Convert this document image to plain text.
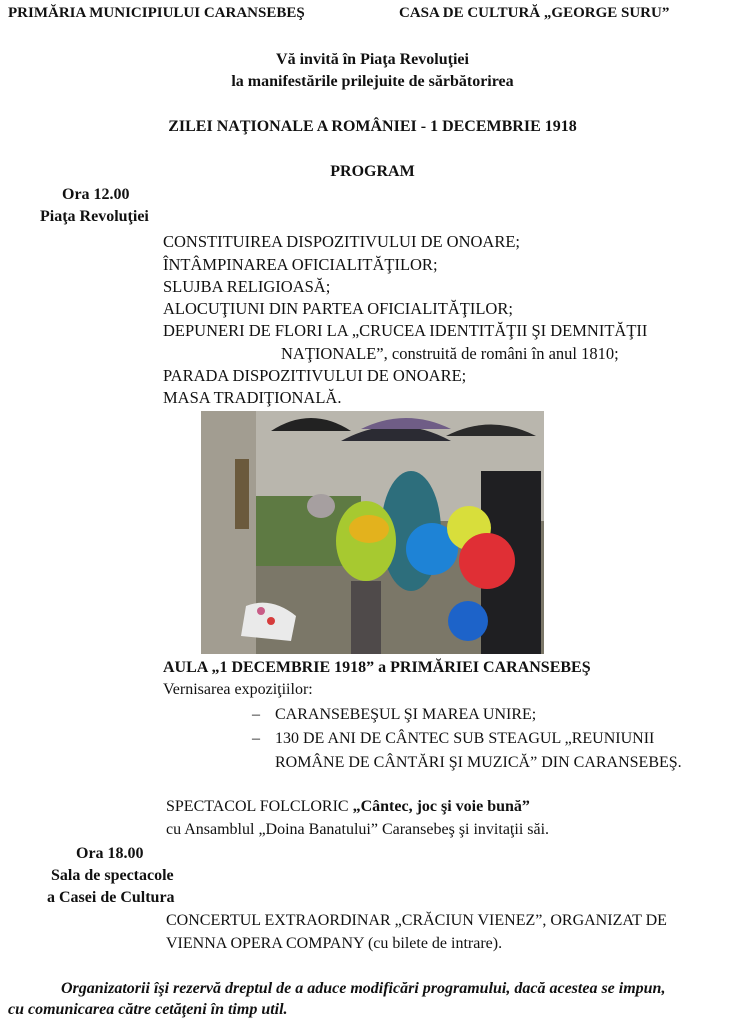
PRIMĂRIA MUNICIPIULUI CARANSEBEŞ	CASA DE CULTURĂ „GEORGE SURU”
Vă invită în Piaţa Revoluţiei
la manifestările prilejuite de sărbătorirea
ZILEI NAŢIONALE A ROMÂNIEI - 1 DECEMBRIE 1918
PROGRAM
Ora 12.00
Piaţa Revoluţiei
CONSTITUIREA DISPOZITIVULUI DE ONOARE;
ÎNTÂMPINAREA OFICIALITĂŢILOR;
SLUJBA RELIGIOASĂ;
ALOCUŢIUNI DIN PARTEA OFICIALITĂŢILOR;
DEPUNERI DE FLORI LA „CRUCEA IDENTITĂŢII ŞI DEMNITĂŢII
NAŢIONALE”, construită de români în anul 1810;
PARADA DISPOZITIVULUI DE ONOARE;
MASA TRADIŢIONALĂ.
AULA „1 DECEMBRIE 1918” a PRIMĂRIEI CARANSEBEŞ
Vernisarea expoziţiilor:
– CARANSEBEŞUL ŞI MAREA UNIRE;
– 130 DE ANI DE CÂNTEC SUB STEAGUL „REUNIUNII
ROMÂNE DE CÂNTĂRI ŞI MUZICĂ” DIN CARANSEBEŞ.
SPECTACOL FOLCLORIC „Cântec, joc şi voie bună”
cu Ansamblul „Doina Banatului” Caransebeş şi invitaţii săi.
Ora 18.00
Sala de spectacole
a Casei de Cultura
CONCERTUL EXTRAORDINAR „CRĂCIUN VIENEZ”, ORGANIZAT DE
VIENNA OPERA COMPANY (cu bilete de intrare).
Organizatorii îşi rezervă dreptul de a aduce modificări programului, dacă acestea se impun,
cu comunicarea către cetăţeni în timp util.
